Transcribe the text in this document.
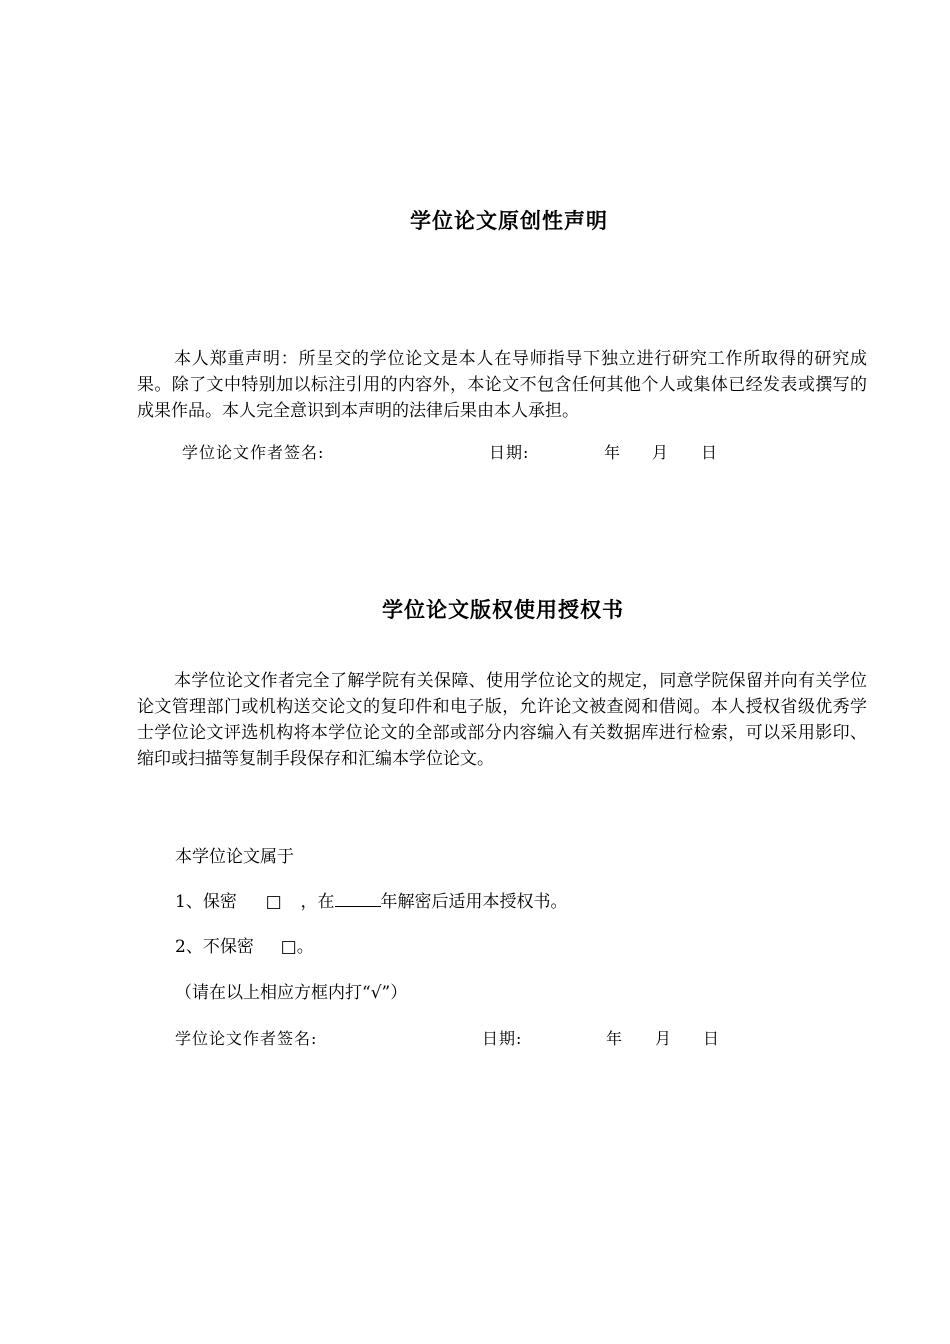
学位论文原创性声明

本人郑重声明：所呈交的学位论文是本人在导师指导下独立进行研究工作所取得的研究成果。除了文中特别加以标注引用的内容外，本论文不包含任何其他个人或集体已经发表或撰写的成果作品。本人完全意识到本声明的法律后果由本人承担。

学位论文作者签名:	日期:	年 月 日
学位论文版权使用授权书

本学位论文作者完全了解学院有关保障、使用学位论文的规定，同意学院保留并向有关学位论文管理部门或机构送交论文的复印件和电子版，允许论文被查阅和借阅。本人授权省级优秀学士学位论文评选机构将本学位论文的全部或部分内容编入有关数据库进行检索，可以采用影印、缩印或扫描等复制手段保存和汇编本学位论文。

本学位论文属于
1、保密 □ ，在	年解密后适用本授权书。
2、不保密 □。
（请在以上相应方框内打“√”）
学位论文作者签名:	日期:	年 月 日
